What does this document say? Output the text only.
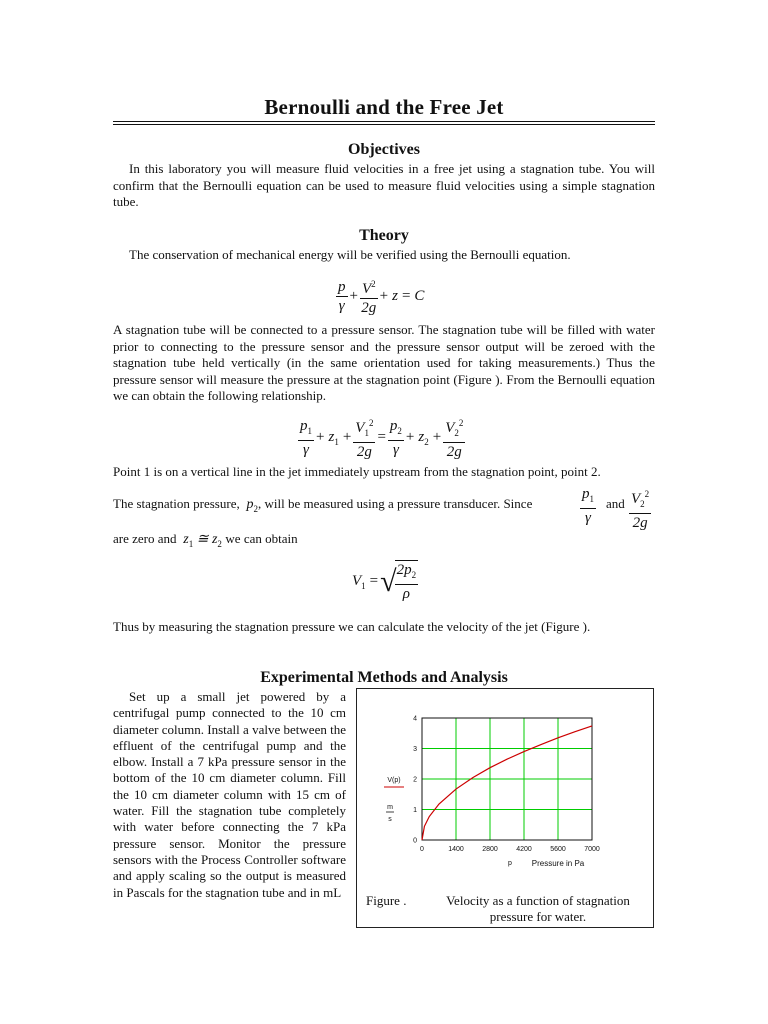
Bernoulli and the Free Jet
Objectives
In this laboratory you will measure fluid velocities in a free jet using a stagnation tube. You will confirm that the Bernoulli equation can be used to measure fluid velocities using a simple stagnation tube.
Theory
The conservation of mechanical energy will be verified using the Bernoulli equation.
$\frac{p}{\gamma} + \frac{V^2}{2g} + z = C$
A stagnation tube will be connected to a pressure sensor. The stagnation tube will be filled with water prior to connecting to the pressure sensor and the pressure sensor output will be zeroed with the stagnation tube held vertically (in the same orientation used for taking measurements.) Thus the pressure sensor will measure the pressure at the stagnation point (Figure ). From the Bernoulli equation we can obtain the following relationship.
$\frac{p_1}{\gamma} + z_1 + \frac{V_1^2}{2g} = \frac{p_2}{\gamma} + z_2 + \frac{V_2^2}{2g}$
Point 1 is on a vertical line in the jet immediately upstream from the stagnation point, point 2.
The stagnation pressure,  $p_2$, will be measured using a pressure transducer. Since	$\frac{p_1}{\gamma}$ and $\frac{V_2^2}{2g}$
are zero and  $z_1$ ≅ $z_2$ we can obtain
$V_1$ =√
$\frac{2p_2}{\rho}$
Thus by measuring the stagnation pressure we can calculate the velocity of the jet (Figure ).
Experimental Methods and Analysis
Set up a small jet powered by a centrifugal pump connected to the 10 cm diameter column. Install a valve between the effluent of the centrifugal pump and the elbow. Install a 7 kPa pressure sensor in the bottom of the 10 cm diameter column. Fill the 10 cm diameter column with 15 cm of water. Fill the stagnation tube completely with water before connecting the 7 kPa pressure sensor. Monitor the pressure sensors with the Process Controller software and apply scaling so the output is measured in Pascals for the stagnation tube and in mL
0	1400	2800	4200	5600	7000
0
1
2
3
4
V(p)
m
s
p Pressure in Pa
Figure .	Velocity as a function of stagnation pressure for water.
